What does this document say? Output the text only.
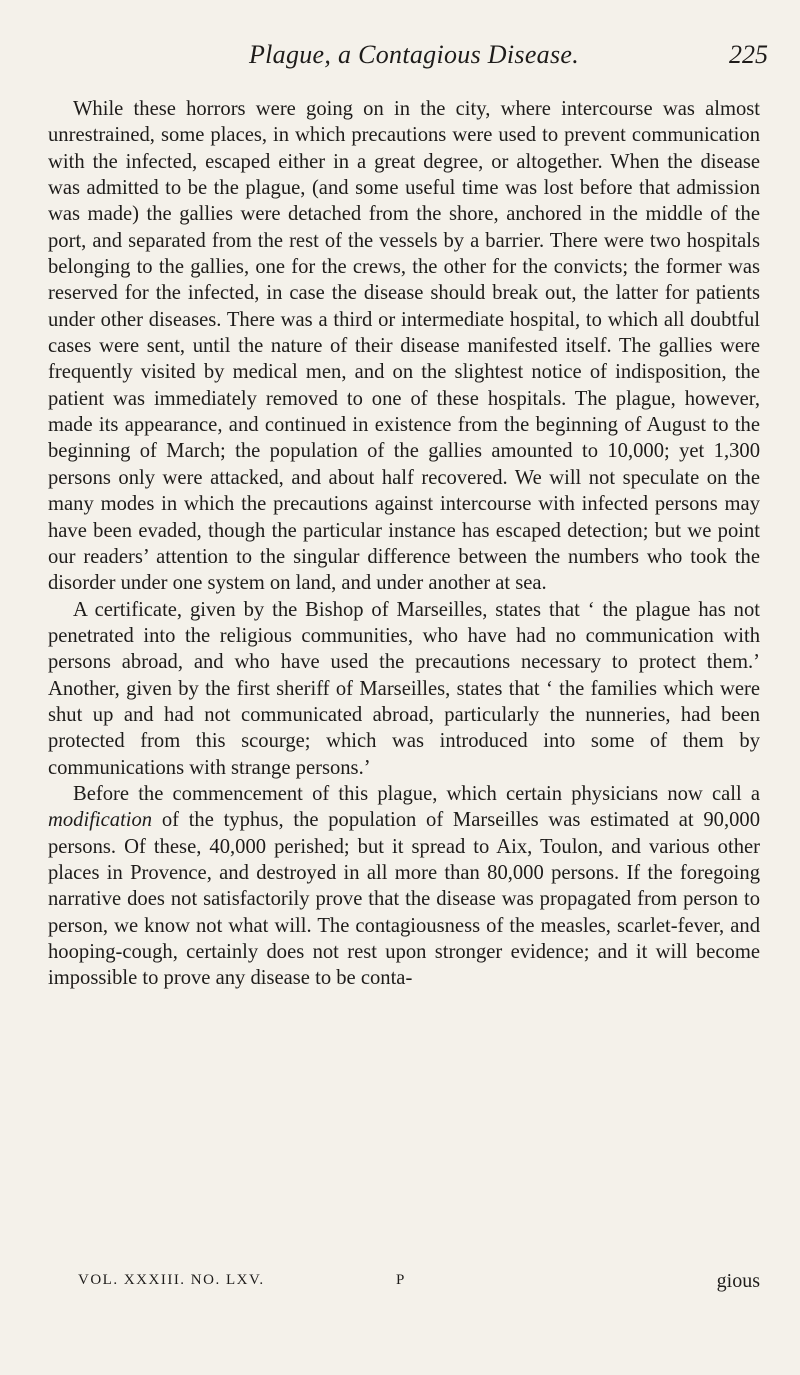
Plague, a Contagious Disease.	225

While these horrors were going on in the city, where intercourse was almost unrestrained, some places, in which precautions were used to prevent communication with the infected, escaped either in a great degree, or altogether. When the disease was admitted to be the plague, (and some useful time was lost before that admission was made) the gallies were detached from the shore, anchored in the middle of the port, and separated from the rest of the vessels by a barrier. There were two hospitals belonging to the gallies, one for the crews, the other for the convicts; the former was reserved for the infected, in case the disease should break out, the latter for patients under other diseases. There was a third or intermediate hospital, to which all doubtful cases were sent, until the nature of their disease manifested itself. The gallies were frequently visited by medical men, and on the slightest notice of indisposition, the patient was immediately removed to one of these hospitals. The plague, however, made its appearance, and continued in existence from the beginning of August to the beginning of March; the population of the gallies amounted to 10,000; yet 1,300 persons only were attacked, and about half recovered. We will not speculate on the many modes in which the precautions against intercourse with infected persons may have been evaded, though the particular instance has escaped detection; but we point our readers’ attention to the singular difference between the numbers who took the disorder under one system on land, and under another at sea.

A certificate, given by the Bishop of Marseilles, states that ‘ the plague has not penetrated into the religious communities, who have had no communication with persons abroad, and who have used the precautions necessary to protect them.’ Another, given by the first sheriff of Marseilles, states that ‘ the families which were shut up and had not communicated abroad, particularly the nunneries, had been protected from this scourge; which was introduced into some of them by communications with strange persons.’

Before the commencement of this plague, which certain physicians now call a modification of the typhus, the population of Marseilles was estimated at 90,000 persons. Of these, 40,000 perished; but it spread to Aix, Toulon, and various other places in Provence, and destroyed in all more than 80,000 persons. If the foregoing narrative does not satisfactorily prove that the disease was propagated from person to person, we know not what will. The contagiousness of the measles, scarlet-fever, and hooping-cough, certainly does not rest upon stronger evidence; and it will become impossible to prove any disease to be conta-

VOL. XXXIII. NO. LXV.	P	gious
